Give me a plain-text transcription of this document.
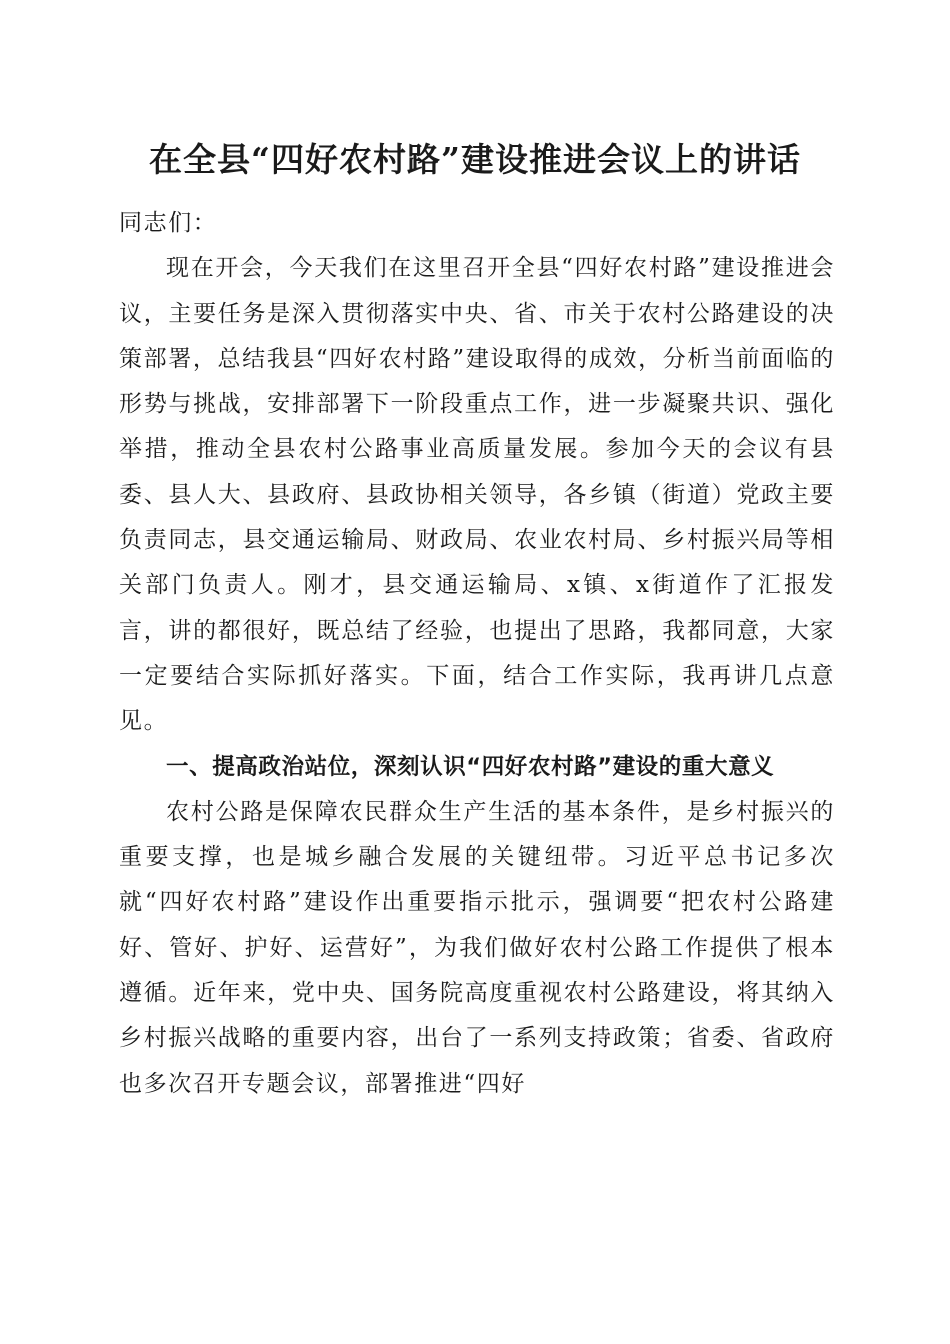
在全县“四好农村路”建设推进会议上的讲话

同志们：

现在开会，今天我们在这里召开全县“四好农村路”建设推进会议，主要任务是深入贯彻落实中央、省、市关于农村公路建设的决策部署，总结我县“四好农村路”建设取得的成效，分析当前面临的形势与挑战，安排部署下一阶段重点工作，进一步凝聚共识、强化举措，推动全县农村公路事业高质量发展。参加今天的会议有县委、县人大、县政府、县政协相关领导，各乡镇（街道）党政主要负责同志，县交通运输局、财政局、农业农村局、乡村振兴局等相关部门负责人。刚才，县交通运输局、x镇、x街道作了汇报发言，讲的都很好，既总结了经验，也提出了思路，我都同意，大家一定要结合实际抓好落实。下面，结合工作实际，我再讲几点意见。

一、提高政治站位，深刻认识“四好农村路”建设的重大意义

农村公路是保障农民群众生产生活的基本条件，是乡村振兴的重要支撑，也是城乡融合发展的关键纽带。习近平总书记多次就“四好农村路”建设作出重要指示批示，强调要“把农村公路建好、管好、护好、运营好”，为我们做好农村公路工作提供了根本遵循。近年来，党中央、国务院高度重视农村公路建设，将其纳入乡村振兴战略的重要内容，出台了一系列支持政策；省委、省政府也多次召开专题会议，部署推进“四好
